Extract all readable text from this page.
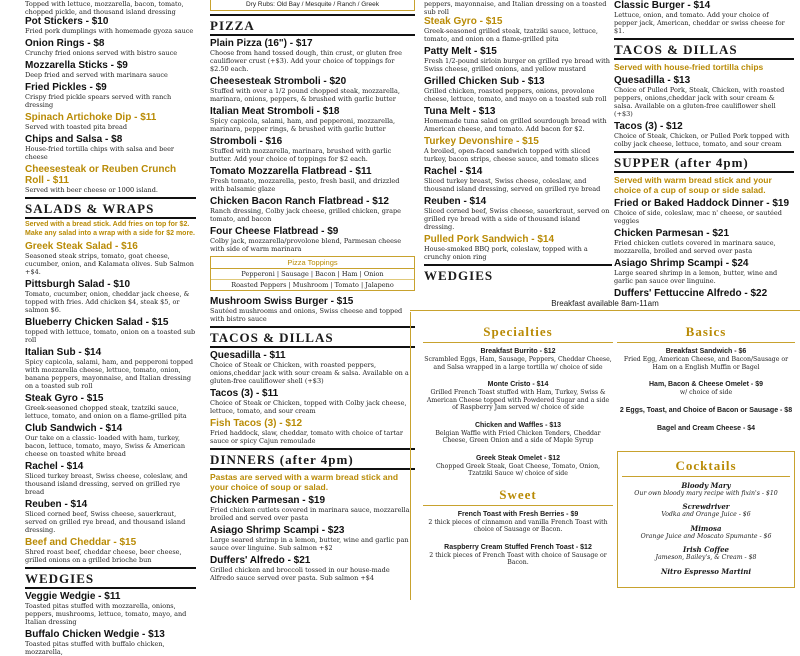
Topped with lettuce, mozzarella, bacon, tomato, chopped pickle, and thousand island dressing
Pot Stickers - $10
Fried pork dumplings with homemade gyoza sauce
Onion Rings - $8
Crunchy fried onions served with bistro sauce
Mozzarella Sticks - $9
Deep fried and served with marinara sauce
Fried Pickles - $9
Crispy fried pickle spears served with ranch dressing
Spinach Artichoke Dip - $11
Served with toasted pita bread
Chips and Salsa - $8
House-fried tortilla chips with salsa and beer cheese
Cheesesteak or Reuben Crunch Roll - $11
Served with beer cheese or 1000 island.
SALADS & WRAPS
Served with a bread stick. Add fries on top for $2. Make any salad into a wrap with a side for $2 more.
Greek Steak Salad - $16
Seasoned steak strips, tomato, goat cheese, cucumber, onion, and Kalamata olives. Sub Salmon +$4.
Pittsburgh Salad - $10
Tomato, cucumber, onion, cheddar jack cheese, & topped with fries. Add chicken $4, steak $5, or salmon $6.
Blueberry Chicken Salad - $15
topped with lettuce, tomato, onion on a toasted sub roll
Italian Sub - $14
Spicy capicola, salami, ham, and pepperoni topped with mozzarella cheese, lettuce, tomato, onion, banana peppers, mayonnaise, and Italian dressing on a toasted sub roll
Steak Gyro - $15
Greek-seasoned chopped steak, tzatziki sauce, lettuce, tomato, and onion on a flame-grilled pita
Club Sandwich - $14
Our take on a classic- loaded with ham, turkey, bacon, lettuce, tomato, mayo, Swiss & American cheese on toasted white bread
Rachel - $14
Sliced turkey breast, Swiss cheese, coleslaw, and thousand island dressing, served on grilled rye bread
Reuben - $14
Sliced corned beef, Swiss cheese, sauerkraut, served on grilled rye bread, and thousand island dressing.
Beef and Cheddar - $15
Shred roast beef, cheddar cheese, beer cheese, grilled onions on a grilled brioche bun
WEDGIES
Veggie Wedgie - $11
Toasted pitas stuffed with mozzarella, onions, peppers, mushrooms, lettuce, tomato, mayo, and Italian dressing
Buffalo Chicken Wedgie - $13
Toasted pitas stuffed with buffalo chicken, mozzarella,
Dry Rubs: Old Bay / Mesquite / Ranch / Greek
PIZZA
Plain Pizza (16") - $17
Choose from hand tossed dough, thin crust, or gluten free cauliflower crust (+$3). Add your choice of toppings for $2.50 each.
Cheesesteak Stromboli - $20
Stuffed with over a 1/2 pound chopped steak, mozzarella, marinara, onions, peppers, & brushed with garlic butter
Italian Meat Stromboli - $18
Spicy capicola, salami, ham, and pepperoni, mozzarella, marinara, pepper rings, & brushed with garlic butter
Stromboli - $16
Stuffed with mozzarella, marinara, brushed with garlic butter. Add your choice of toppings for $2 each.
Tomato Mozzarella Flatbread - $11
Fresh tomato, mozzarella, pesto, fresh basil, and drizzled with balsamic glaze
Chicken Bacon Ranch Flatbread - $12
Ranch dressing, Colby jack cheese, grilled chicken, grape tomato, and bacon
Four Cheese Flatbread - $9
Colby jack, mozzarella/provolone blend, Parmesan cheese with side of warm marinara
Pizza Toppings
Pepperoni | Sausage | Bacon | Ham | Onion
Roasted Peppers | Mushroom | Tomato | Jalapeno
Mushroom Swiss Burger - $15
Sautéed mushrooms and onions, Swiss cheese and topped with bistro sauce
TACOS & DILLAS
Quesadilla - $11
Choice of Steak or Chicken, with roasted peppers, onions,cheddar jack with sour cream & salsa. Available on a gluten-free cauliflower shell (+$3)
Tacos (3) - $11
Choice of Steak or Chicken, topped with Colby jack cheese, lettuce, tomato, and sour cream
Fish Tacos (3) - $12
Fried haddock, slaw, cheddar, tomato with choice of tartar sauce or spicy Cajun remoulade
DINNERS (after 4pm)
Pastas are served with a warm bread stick and your choice of soup or salad.
Chicken Parmesan - $19
Fried chicken cutlets covered in marinara sauce, mozzarella, broiled and served over pasta
Asiago Shrimp Scampi - $23
Large seared shrimp in a lemon, butter, wine and garlic pan sauce over linguine. Sub salmon +$2
Duffers' Alfredo - $21
Grilled chicken and broccoli tossed in our house-made Alfredo sauce served over pasta. Sub salmon +$4
peppers, mayonnaise, and Italian dressing on a toasted sub roll
Steak Gyro - $15
Greek-seasoned grilled steak, tzatziki sauce, lettuce, tomato, and onion on a flame-grilled pita
Patty Melt - $15
Fresh 1/2-pound sirloin burger on grilled rye bread with Swiss cheese, grilled onions, and yellow mustard
Grilled Chicken Sub - $13
Grilled chicken, roasted peppers, onions, provolone cheese, lettuce, tomato, and mayo on a toasted sub roll
Tuna Melt - $13
Homemade tuna salad on grilled sourdough bread with American cheese, and tomato. Add bacon for $2.
Turkey Devonshire - $15
A broiled, open-faced sandwich topped with sliced turkey, bacon strips, cheese sauce, and tomato slices
Rachel - $14
Sliced turkey breast, Swiss cheese, coleslaw, and thousand island dressing, served on grilled rye bread
Reuben - $14
Sliced corned beef, Swiss cheese, sauerkraut, served on grilled rye bread with a side of thousand island dressing.
Pulled Pork Sandwich - $14
House-smoked BBQ pork, coleslaw, topped with a crunchy onion ring
WEDGIES
Classic Burger - $14
Lettuce, onion, and tomato. Add your choice of pepper jack, American, cheddar or swiss cheese for $1.
TACOS & DILLAS
Served with house-fried tortilla chips
Quesadilla - $13
Choice of Pulled Pork, Steak, Chicken, with roasted peppers, onions,cheddar jack with sour cream & salsa. Available on a gluten-free cauliflower shell (+$3)
Tacos (3) - $12
Choice of Steak, Chicken, or Pulled Pork topped with colby jack cheese, lettuce, tomato, and sour cream
SUPPER (after 4pm)
Served with warm bread stick and your choice of a cup of soup or side salad.
Fried or Baked Haddock Dinner - $19
Choice of side, coleslaw, mac n' cheese, or sautéed veggies
Chicken Parmesan - $21
Fried chicken cutlets covered in marinara sauce, mozzarella, broiled and served over pasta
Asiago Shrimp Scampi - $24
Large seared shrimp in a lemon, butter, wine and garlic pan sauce over linguine.
Duffers' Fettuccine Alfredo - $22
Breakfast available 8am-11am
Specialties
Breakfast Burrito - $12
Scrambled Eggs, Ham, Sausage, Peppers, Cheddar Cheese, and Salsa wrapped in a large tortilla w/ choice of side
Monte Cristo - $14
Grilled French Toast stuffed with Ham, Turkey, Swiss & American Cheese topped with Powdered Sugar and a side of Raspberry Jam served w/ choice of side
Chicken and Waffles - $13
Belgian Waffle with Fried Chicken Tenders, Cheddar Cheese, Green Onion and a side of Maple Syrup
Greek Steak Omelet - $12
Chopped Greek Steak, Goat Cheese, Tomato, Onion, Tzatziki Sauce w/ choice of side
Sweet
French Toast with Fresh Berries - $9
2 thick pieces of cinnamon and vanilla French Toast with choice of Sausage or Bacon.
Raspberry Cream Stuffed French Toast - $12
2 thick pieces of French Toast with choice of Sausage or Bacon.
Basics
Breakfast Sandwich - $6
Fried Egg, American Cheese, and Bacon/Sausage or Ham on a English Muffin or Bagel
Ham, Bacon & Cheese Omelet - $9
w/ choice of side
2 Eggs, Toast, and Choice of Bacon or Sausage - $8
Bagel and Cream Cheese - $4
Cocktails
Bloody Mary
Our own bloody mary recipe with fixin's - $10
Screwdriver
Vodka and Orange Juice - $6
Mimosa
Orange Juice and Moscato Spumante - $6
Irish Coffee
Jameson, Bailey's, & Cream - $8
Nitro Espresso Martini
